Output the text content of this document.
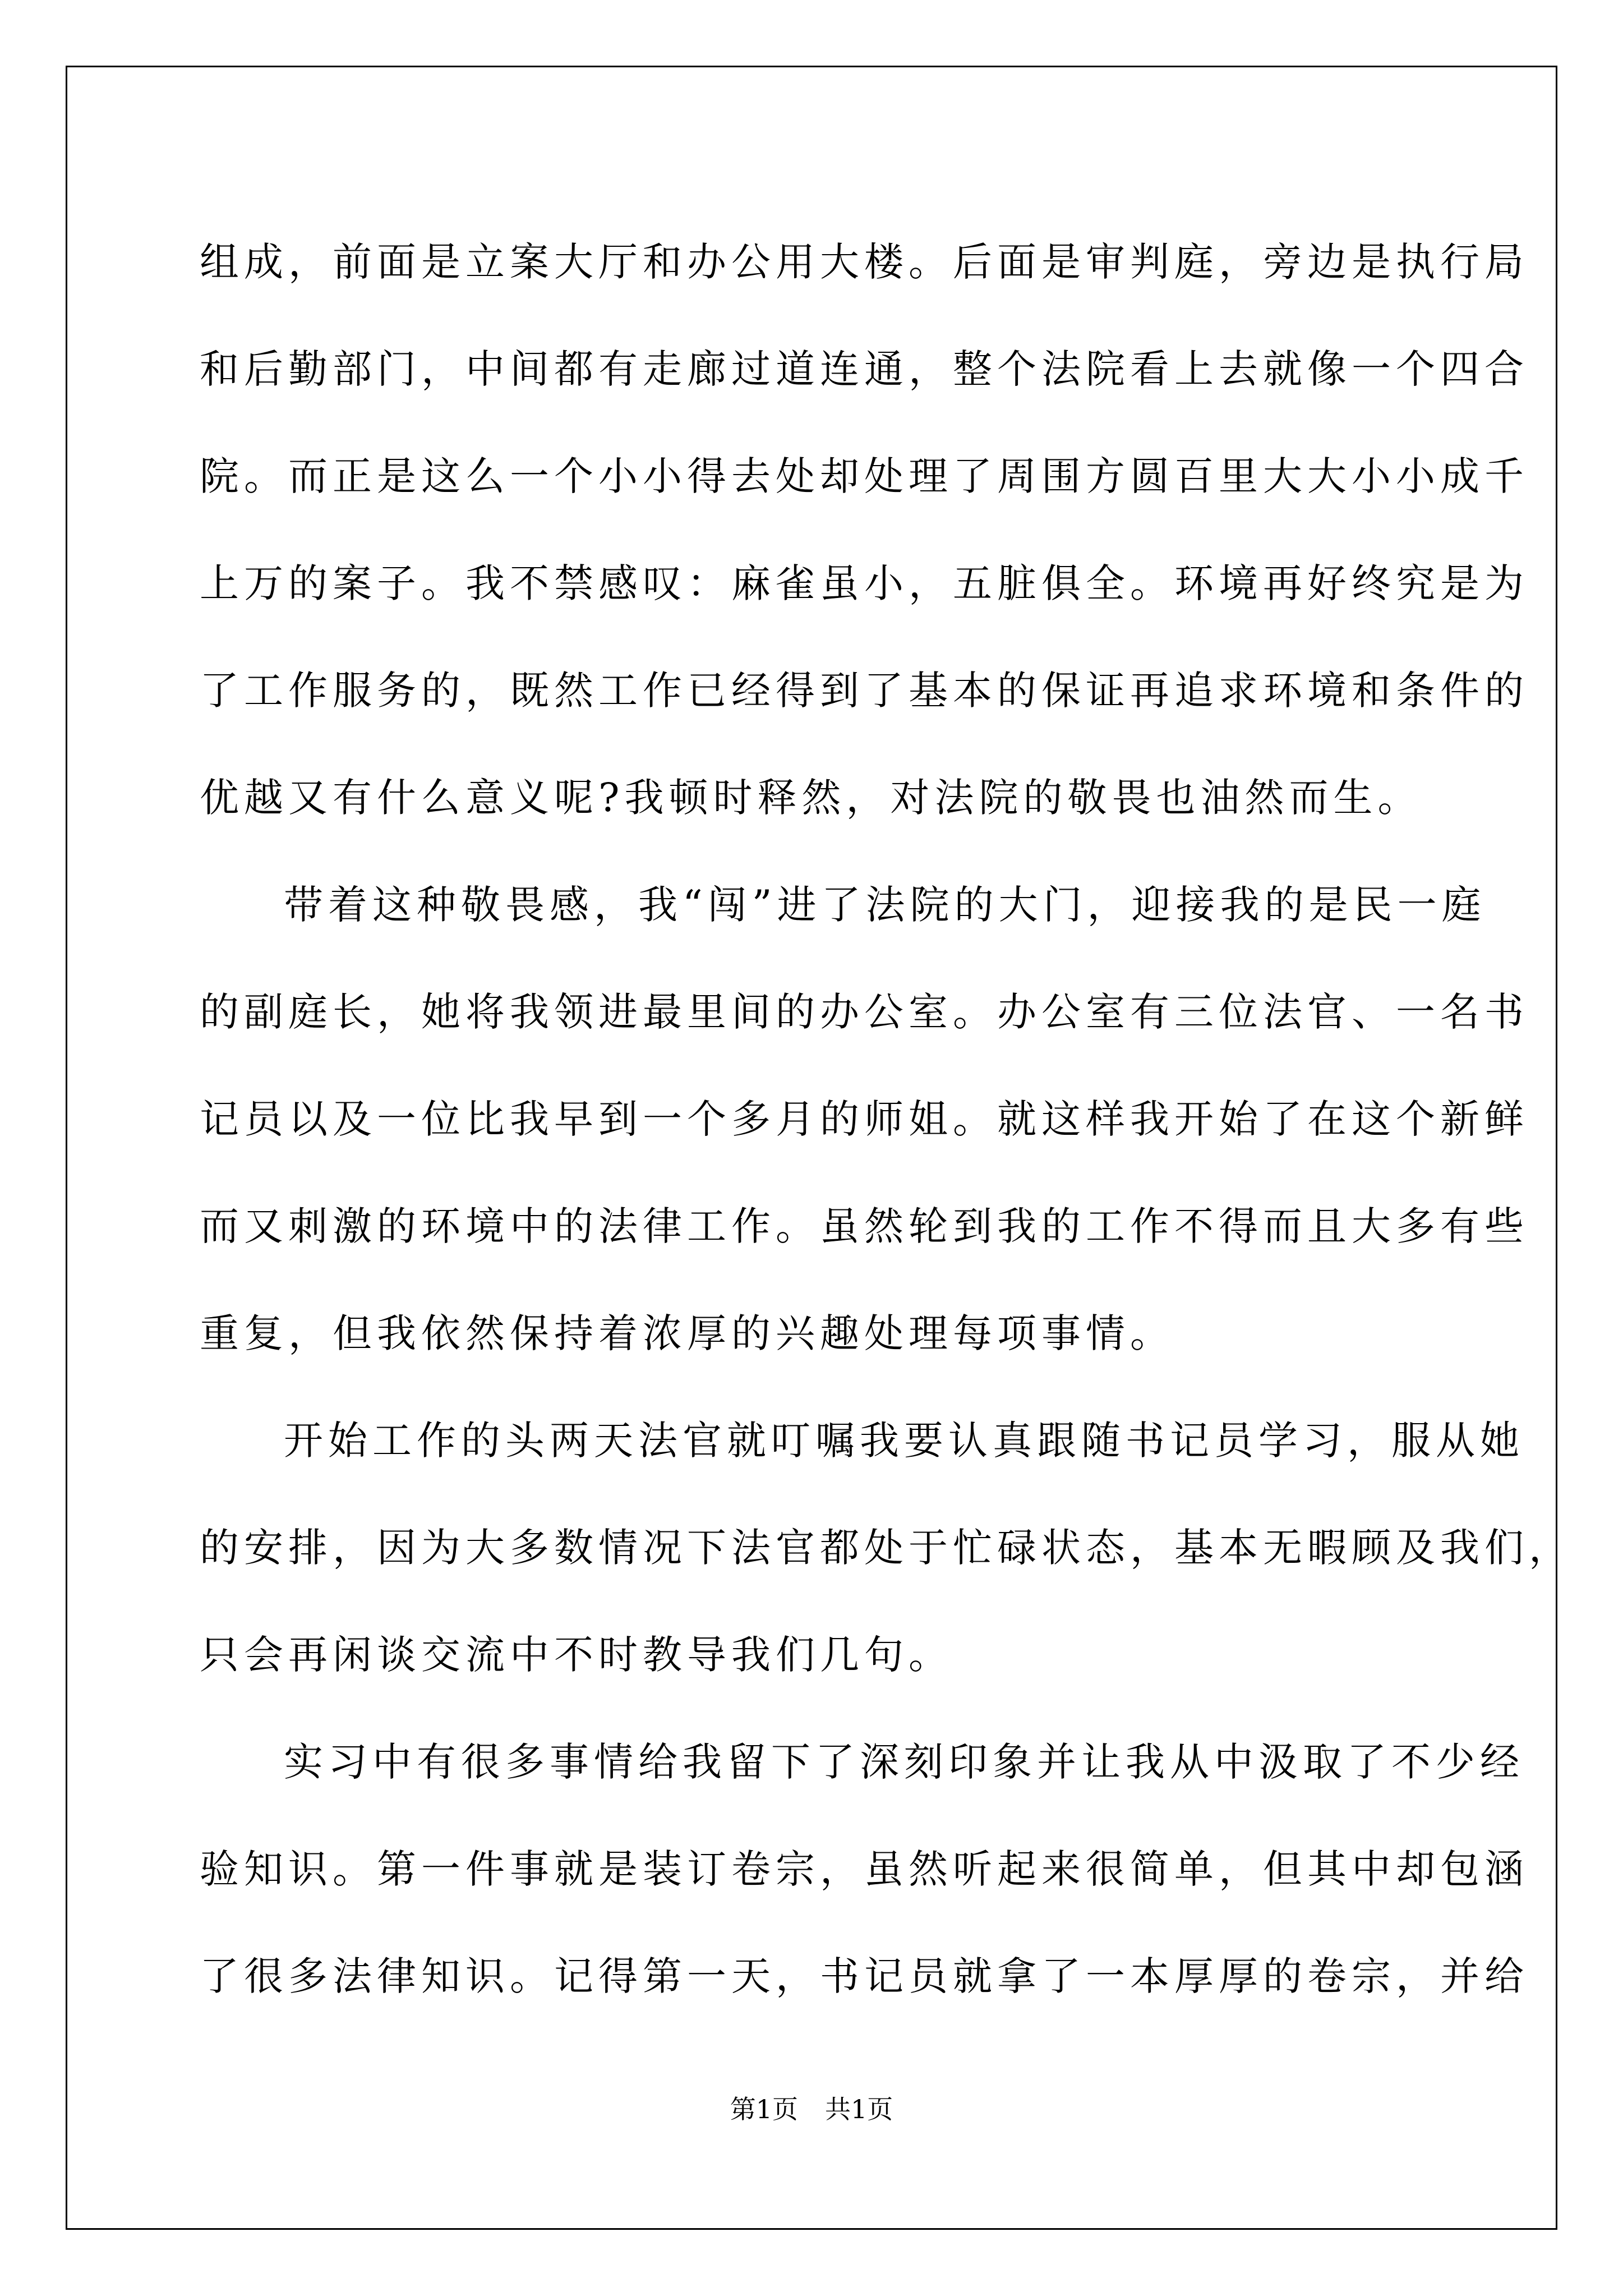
组成，前面是立案大厅和办公用大楼。后面是审判庭，旁边是执行局
和后勤部门，中间都有走廊过道连通，整个法院看上去就像一个四合
院。而正是这么一个小小得去处却处理了周围方圆百里大大小小成千
上万的案子。我不禁感叹：麻雀虽小，五脏俱全。环境再好终究是为
了工作服务的，既然工作已经得到了基本的保证再追求环境和条件的
优越又有什么意义呢?我顿时释然，对法院的敬畏也油然而生。
带着这种敬畏感，我“闯”进了法院的大门，迎接我的是民一庭
的副庭长，她将我领进最里间的办公室。办公室有三位法官、一名书
记员以及一位比我早到一个多月的师姐。就这样我开始了在这个新鲜
而又刺激的环境中的法律工作。虽然轮到我的工作不得而且大多有些
重复，但我依然保持着浓厚的兴趣处理每项事情。
开始工作的头两天法官就叮嘱我要认真跟随书记员学习，服从她
的安排，因为大多数情况下法官都处于忙碌状态，基本无暇顾及我们，
只会再闲谈交流中不时教导我们几句。
实习中有很多事情给我留下了深刻印象并让我从中汲取了不少经
验知识。第一件事就是装订卷宗，虽然听起来很简单，但其中却包涵
了很多法律知识。记得第一天，书记员就拿了一本厚厚的卷宗，并给
第1页 共1页
